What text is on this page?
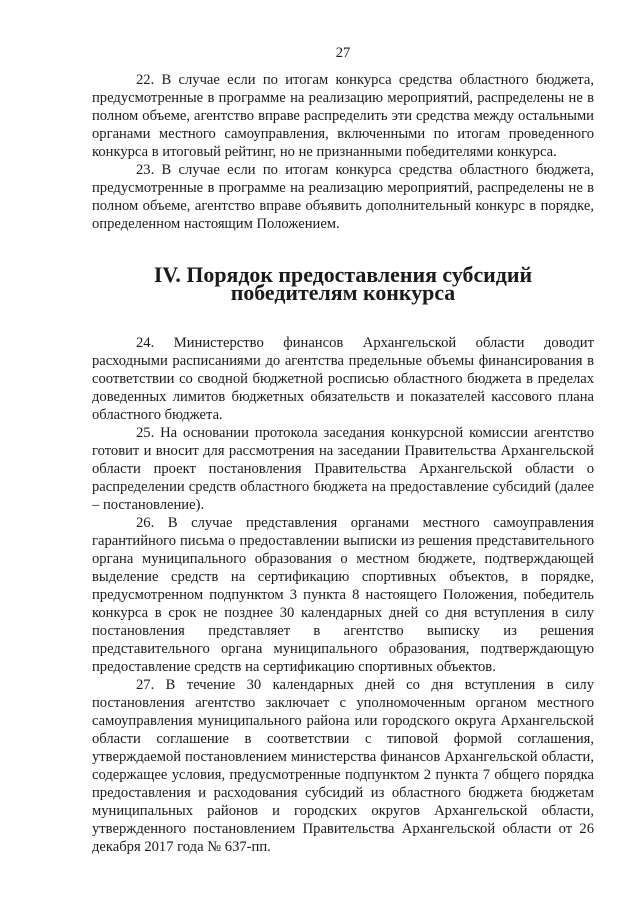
27

22. В случае если по итогам конкурса средства областного бюджета, предусмотренные в программе на реализацию мероприятий, распределены не в полном объеме, агентство вправе распределить эти средства между остальными органами местного самоуправления, включенными по итогам проведенного конкурса в итоговый рейтинг, но не признанными победителями конкурса.

23. В случае если по итогам конкурса средства областного бюджета, предусмотренные в программе на реализацию мероприятий, распределены не в полном объеме, агентство вправе объявить дополнительный конкурс в порядке, определенном настоящим Положением.

IV. Порядок предоставления субсидий победителям конкурса

24. Министерство финансов Архангельской области доводит расходными расписаниями до агентства предельные объемы финансирования в соответствии со сводной бюджетной росписью областного бюджета в пределах доведенных лимитов бюджетных обязательств и показателей кассового плана областного бюджета.

25. На основании протокола заседания конкурсной комиссии агентство готовит и вносит для рассмотрения на заседании Правительства Архангельской области проект постановления Правительства Архангельской области о распределении средств областного бюджета на предоставление субсидий (далее – постановление).

26. В случае представления органами местного самоуправления гарантийного письма о предоставлении выписки из решения представительного органа муниципального образования о местном бюджете, подтверждающей выделение средств на сертификацию спортивных объектов, в порядке, предусмотренном подпунктом 3 пункта 8 настоящего Положения, победитель конкурса в срок не позднее 30 календарных дней со дня вступления в силу постановления представляет в агентство выписку из решения представительного органа муниципального образования, подтверждающую предоставление средств на сертификацию спортивных объектов.

27. В течение 30 календарных дней со дня вступления в силу постановления агентство заключает с уполномоченным органом местного самоуправления муниципального района или городского округа Архангельской области соглашение в соответствии с типовой формой соглашения, утверждаемой постановлением министерства финансов Архангельской области, содержащее условия, предусмотренные подпунктом 2 пункта 7 общего порядка предоставления и расходования субсидий из областного бюджета бюджетам муниципальных районов и городских округов Архангельской области, утвержденного постановлением Правительства Архангельской области от 26 декабря 2017 года № 637-пп.
